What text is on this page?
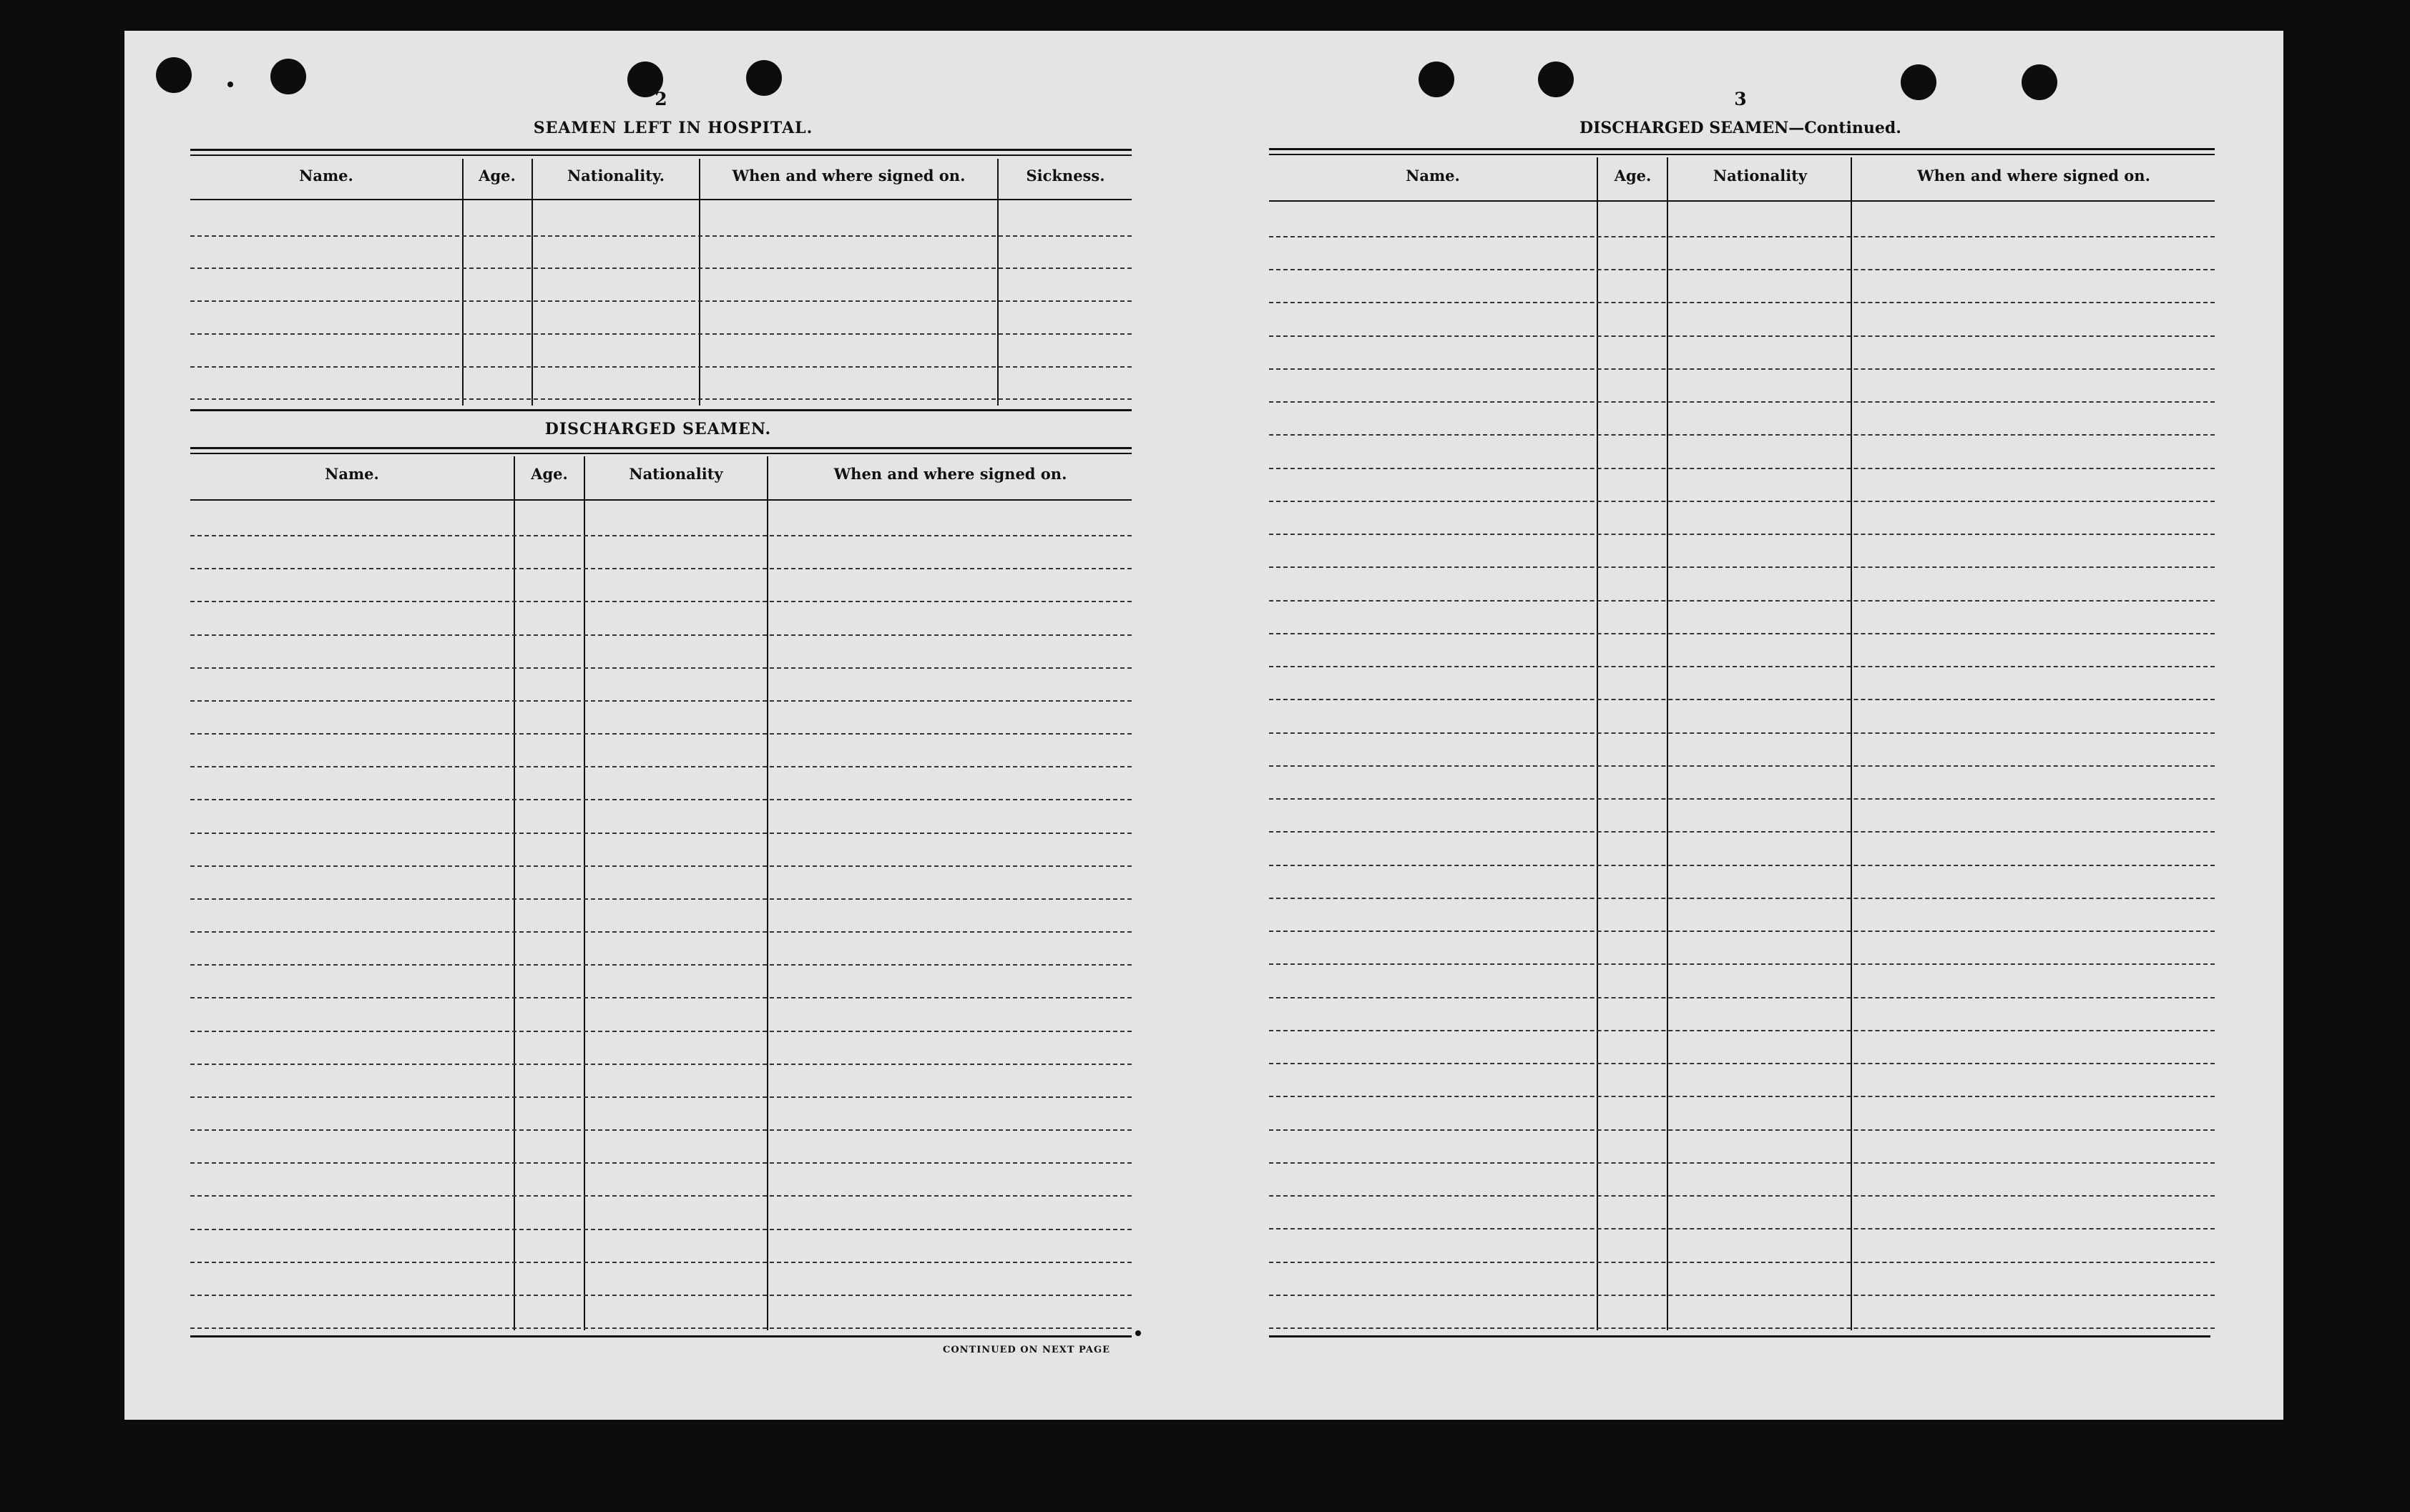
2
SEAMEN LEFT IN HOSPITAL.
Name.	Age.	Nationality.	When and where signed on.	Sickness.
DISCHARGED SEAMEN.
Name.	Age.	Nationality	When and where signed on.
CONTINUED ON NEXT PAGE
3
DISCHARGED SEAMEN—Continued.
Name.	Age.	Nationality	When and where signed on.
